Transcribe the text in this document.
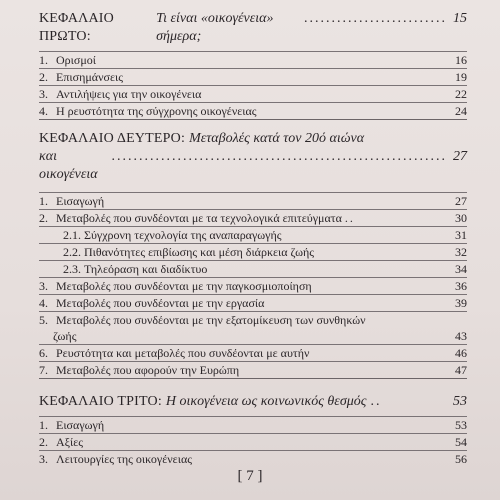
ΚΕΦΑΛΑΙΟ ΠΡΩΤΟ:
Τι είναι «οικογένεια» σήμερα;
.......................... 15
1.
Ορισμοί	16
2.
Επισημάνσεις	19
3.
Αντιλήψεις για την οικογένεια	22
4.
Η ρευστότητα της σύγχρονης οικογένειας	24
ΚΕΦΑΛΑΙΟ ΔΕΥΤΕΡΟ: Μεταβολές κατά τον 20ό αιώνα
και οικογένεια
............................................................. 27
1.
Εισαγωγή	27
2.
Μεταβολές που συνδέονται με τα τεχνολογικά επιτεύγματα ..	30
2.1.
Σύγχρονη τεχνολογία της αναπαραγωγής	31
2.2.
Πιθανότητες επιβίωσης και μέση διάρκεια ζωής	32
2.3.
Τηλεόραση και διαδίκτυο	34
3.
Μεταβολές που συνδέονται με την παγκοσμιοποίηση	36
4.
Μεταβολές που συνδέονται με την εργασία	39
5.
Μεταβολές που συνδέονται με την εξατομίκευση των συνθηκών
ζωής	43
6.
Ρευστότητα και μεταβολές που συνδέονται με αυτήν	46
7.
Μεταβολές που αφορούν την Ευρώπη	47
ΚΕΦΑΛΑΙΟ ΤΡΙΤΟ: Η οικογένεια ως κοινωνικός θεσμός ..	53
1.
Εισαγωγή	53
2.
Αξίες	54
3.
Λειτουργίες της οικογένειας	56
[ 7 ]
